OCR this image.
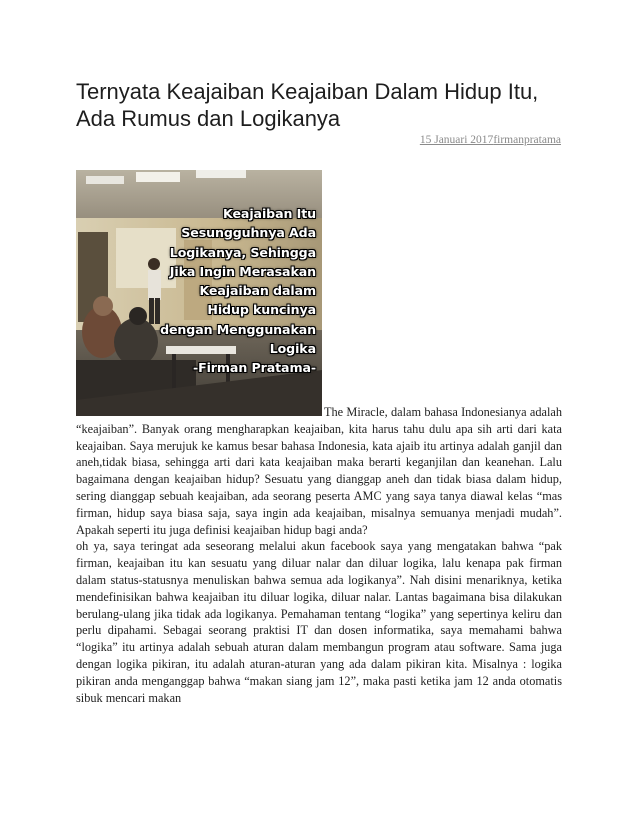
Ternyata Keajaiban Keajaiban Dalam Hidup Itu, Ada Rumus dan Logikanya
15 Januari 2017firmanpratama
Keajaiban Itu
Sesungguhnya Ada
Logikanya, Sehingga
Jika Ingin Merasakan
Keajaiban dalam
Hidup kuncinya
dengan Menggunakan
Logika
-Firman Pratama-

The Miracle, dalam bahasa Indonesianya adalah “keajaiban”. Banyak orang mengharapkan keajaiban, kita harus tahu dulu apa sih arti dari kata keajaiban. Saya merujuk ke kamus besar bahasa Indonesia, kata ajaib itu artinya adalah ganjil dan aneh,tidak biasa, sehingga arti dari kata keajaiban maka berarti keganjilan dan keanehan. Lalu bagaimana dengan keajaiban hidup? Sesuatu yang dianggap aneh dan tidak biasa dalam hidup, sering dianggap sebuah keajaiban, ada seorang peserta AMC yang saya tanya diawal kelas “mas firman, hidup saya biasa saja, saya ingin ada keajaiban, misalnya semuanya menjadi mudah”. Apakah seperti itu juga definisi keajaiban hidup bagi anda?

oh ya, saya teringat ada seseorang melalui akun facebook saya yang mengatakan bahwa “pak firman, keajaiban itu kan sesuatu yang diluar nalar dan diluar logika, lalu kenapa pak firman dalam status-statusnya menuliskan bahwa semua ada logikanya”. Nah disini menariknya, ketika mendefinisikan bahwa keajaiban itu diluar logika, diluar nalar. Lantas bagaimana bisa dilakukan berulang-ulang jika tidak ada logikanya. Pemahaman tentang “logika” yang sepertinya keliru dan perlu dipahami. Sebagai seorang praktisi IT dan dosen informatika, saya memahami bahwa “logika” itu artinya adalah sebuah aturan dalam membangun program atau software. Sama juga dengan logika pikiran, itu adalah aturan-aturan yang ada dalam pikiran kita. Misalnya : logika pikiran anda menganggap bahwa “makan siang jam 12”, maka pasti ketika jam 12 anda otomatis sibuk mencari makan
